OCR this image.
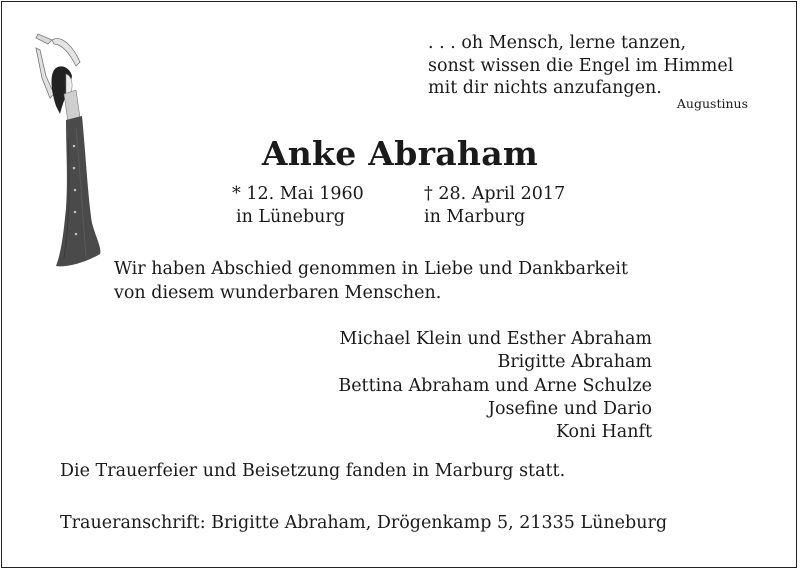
. . . oh Mensch, lerne tanzen,
sonst wissen die Engel im Himmel
mit dir nichts anzufangen.
Augustinus
Anke Abraham
* 12. Mai 1960
in Lüneburg
† 28. April 2017
in Marburg
Wir haben Abschied genommen in Liebe und Dankbarkeit
von diesem wunderbaren Menschen.
Michael Klein und Esther Abraham
Brigitte Abraham
Bettina Abraham und Arne Schulze
Josefine und Dario
Koni Hanft
Die Trauerfeier und Beisetzung fanden in Marburg statt.
Traueranschrift: Brigitte Abraham, Drögenkamp 5, 21335 Lüneburg
